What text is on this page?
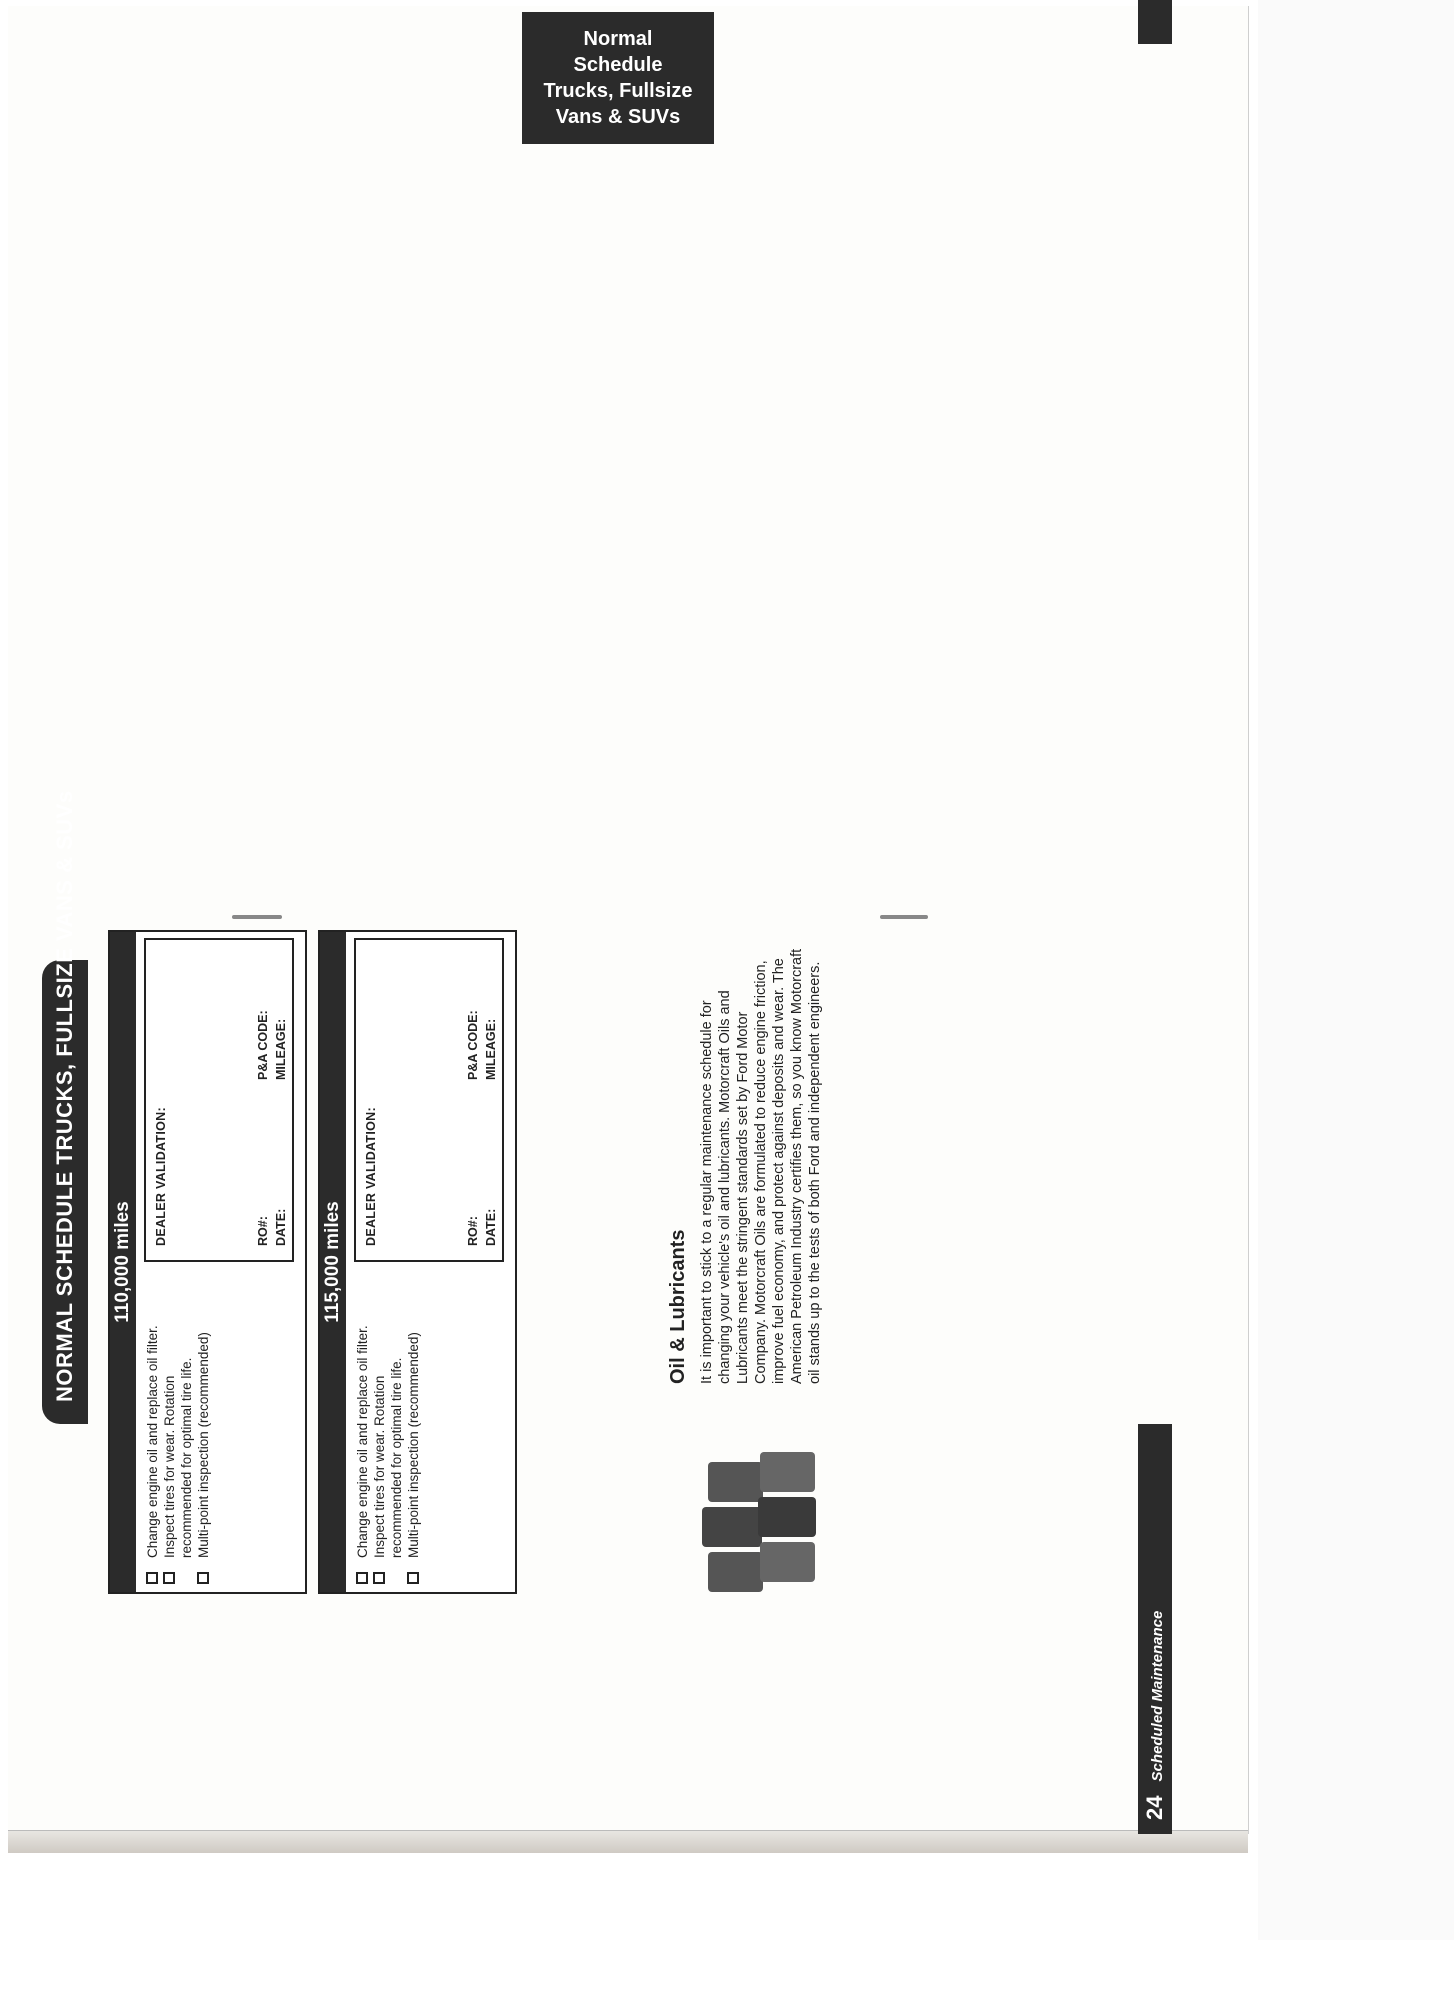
Normal Schedule
Trucks, Fullsize
Vans & SUVs
NORMAL SCHEDULE TRUCKS, FULLSIZE VANS & SUVs	110,000 miles
Change engine oil and replace oil filter. Inspect tires for wear. Rotation recommended for optimal tire life. Multi-point inspection (recommended)
DEALER VALIDATION:	RO#: DATE:
P&A CODE: MILEAGE:
115,000 miles
Change engine oil and replace oil filter. Inspect tires for wear. Rotation recommended for optimal tire life. Multi-point inspection (recommended)
DEALER VALIDATION:	RO#: DATE:
P&A CODE: MILEAGE:
Oil & Lubricants It is important to stick to a regular maintenance schedule for changing your vehicle's oil and lubricants. Motorcraft Oils and Lubricants meet the stringent standards set by Ford Motor Company. Motorcraft Oils are formulated to reduce engine friction, improve fuel economy, and protect against deposits and wear. The American Petroleum Industry certifies them, so you know Motorcraft oil stands up to the tests of both Ford and independent engineers.
24Scheduled Maintenance
